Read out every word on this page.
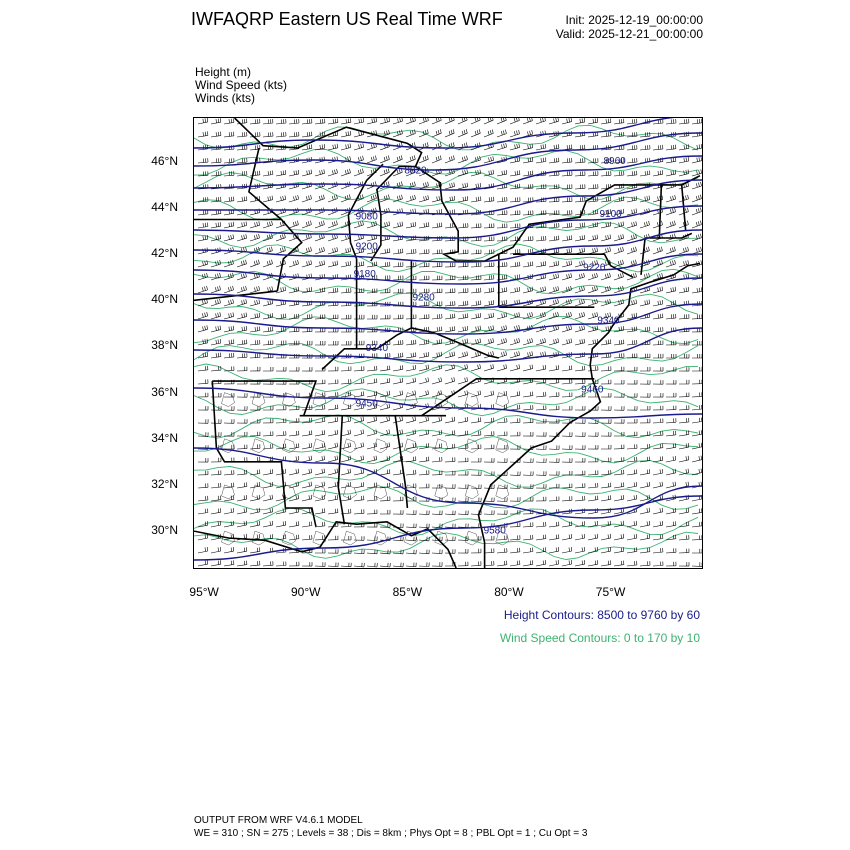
IWFAQRP Eastern US Real Time WRF	Init: 2025-12-19_00:00:00
Valid: 2025-12-21_00:00:00
Height (m)
Wind Speed (kts)
Winds (kts)
8820
8960
9080	9100
9200
9220
9180
9280
9340
9340
9460
9450
9580
46°N
44°N
42°N
40°N
38°N
36°N
34°N
32°N
30°N
95°W	90°W	85°W	80°W	75°W
Height Contours: 8500 to 9760 by 60
Wind Speed Contours: 0 to 170 by 10
OUTPUT FROM WRF V4.6.1 MODEL
WE = 310 ; SN = 275 ; Levels = 38 ; Dis = 8km ; Phys Opt = 8 ; PBL Opt = 1 ; Cu Opt = 3
